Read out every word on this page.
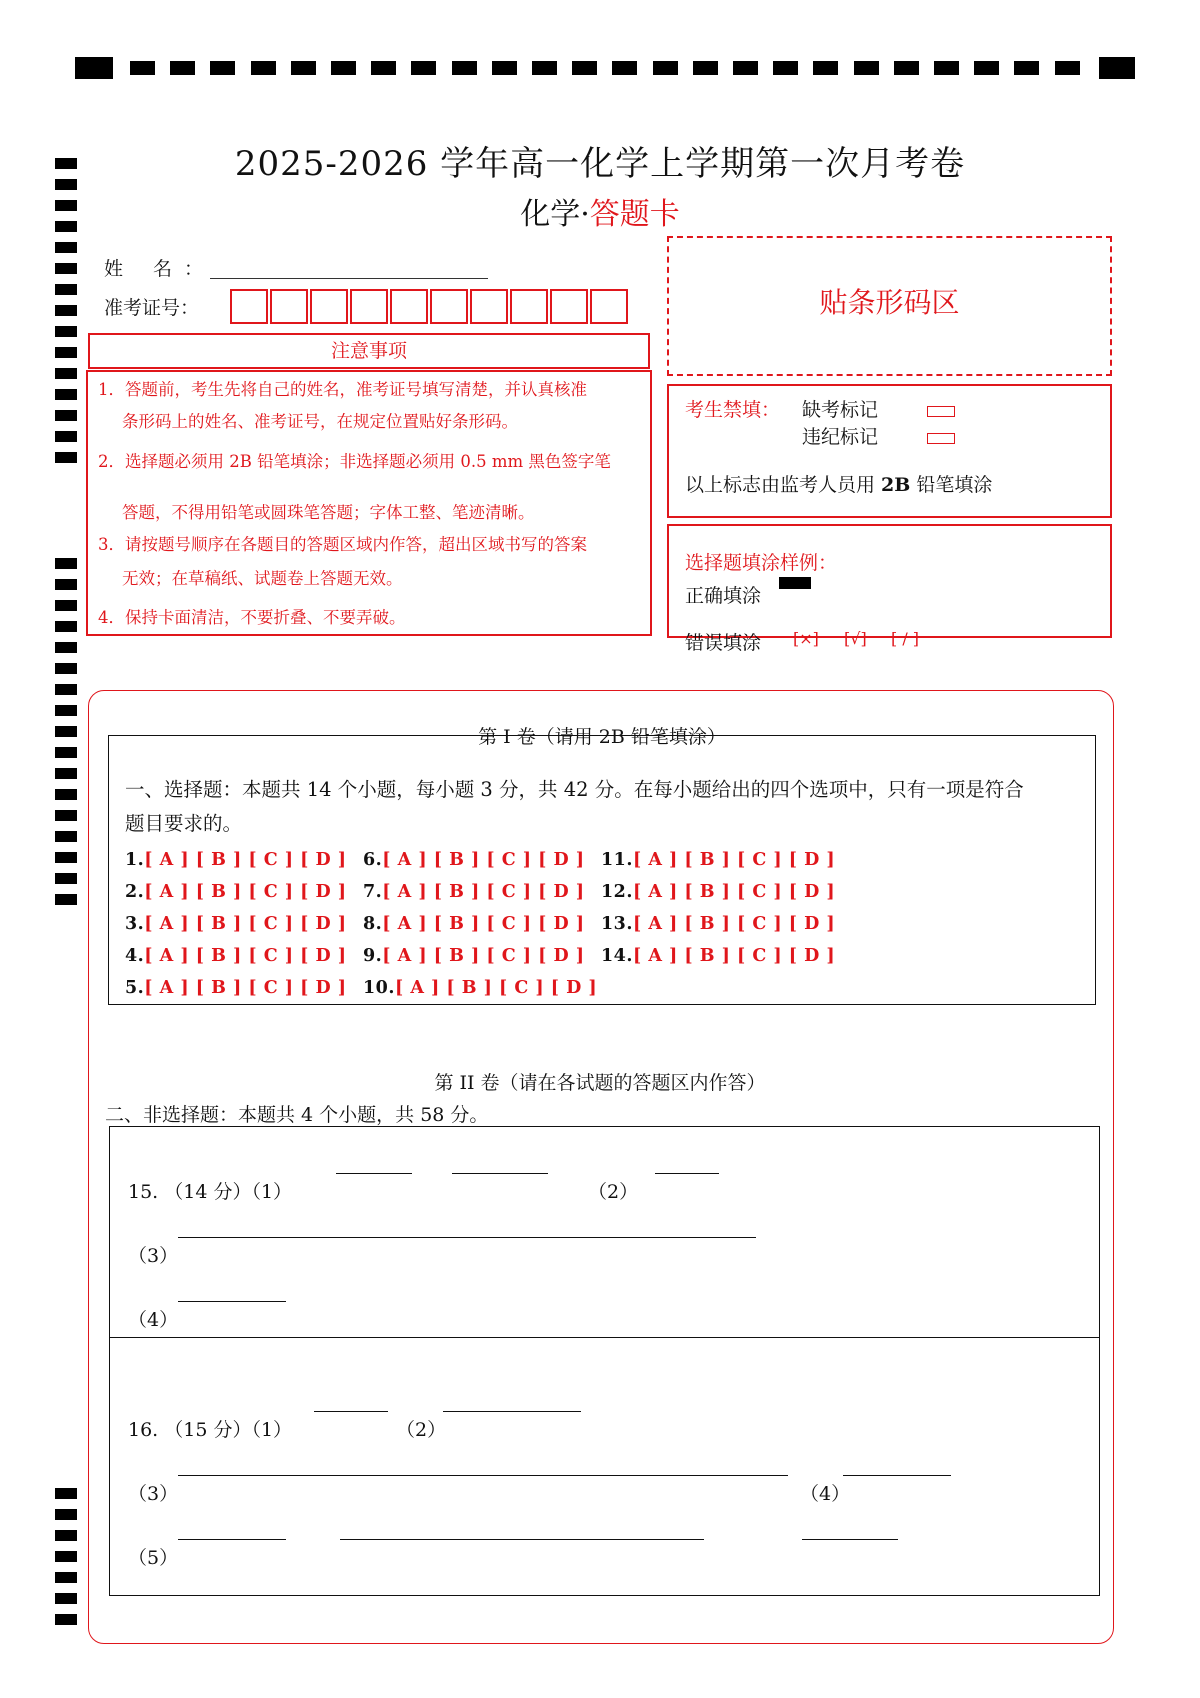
2025-2026 学年高一化学上学期第一次月考卷
化学·答题卡
姓 名：
准考证号：
注意事项
1．答题前，考生先将自己的姓名，准考证号填写清楚，并认真核准
条形码上的姓名、准考证号，在规定位置贴好条形码。
2．选择题必须用 2B 铅笔填涂；非选择题必须用 0.5 mm 黑色签字笔
答题，不得用铅笔或圆珠笔答题；字体工整、笔迹清晰。
3．请按题号顺序在各题目的答题区域内作答，超出区域书写的答案
无效；在草稿纸、试题卷上答题无效。
4．保持卡面清洁，不要折叠、不要弄破。
贴条形码区
考生禁填： 缺考标记
违纪标记
以上标志由监考人员用 2B 铅笔填涂
选择题填涂样例：
正确填涂
错误填涂 [×] [√] [ / ]
第 I 卷（请用 2B 铅笔填涂）
一、选择题：本题共 14 个小题，每小题 3 分，共 42 分。在每小题给出的四个选项中，只有一项是符合
题目要求的。
1.[ A ] [ B ] [ C ] [ D ]
2.[ A ] [ B ] [ C ] [ D ]
3.[ A ] [ B ] [ C ] [ D ]
4.[ A ] [ B ] [ C ] [ D ]
5.[ A ] [ B ] [ C ] [ D ]
6.[ A ] [ B ] [ C ] [ D ]
7.[ A ] [ B ] [ C ] [ D ]
8.[ A ] [ B ] [ C ] [ D ]
9.[ A ] [ B ] [ C ] [ D ]
10.[ A ] [ B ] [ C ] [ D ]
11.[ A ] [ B ] [ C ] [ D ]
12.[ A ] [ B ] [ C ] [ D ]
13.[ A ] [ B ] [ C ] [ D ]
14.[ A ] [ B ] [ C ] [ D ]
第 II 卷（请在各试题的答题区内作答）
二、非选择题：本题共 4 个小题，共 58 分。
15. （14 分）（1）	（2）
（3）
（4）
16. （15 分）（1）	（2）
（3）	（4）
（5）
